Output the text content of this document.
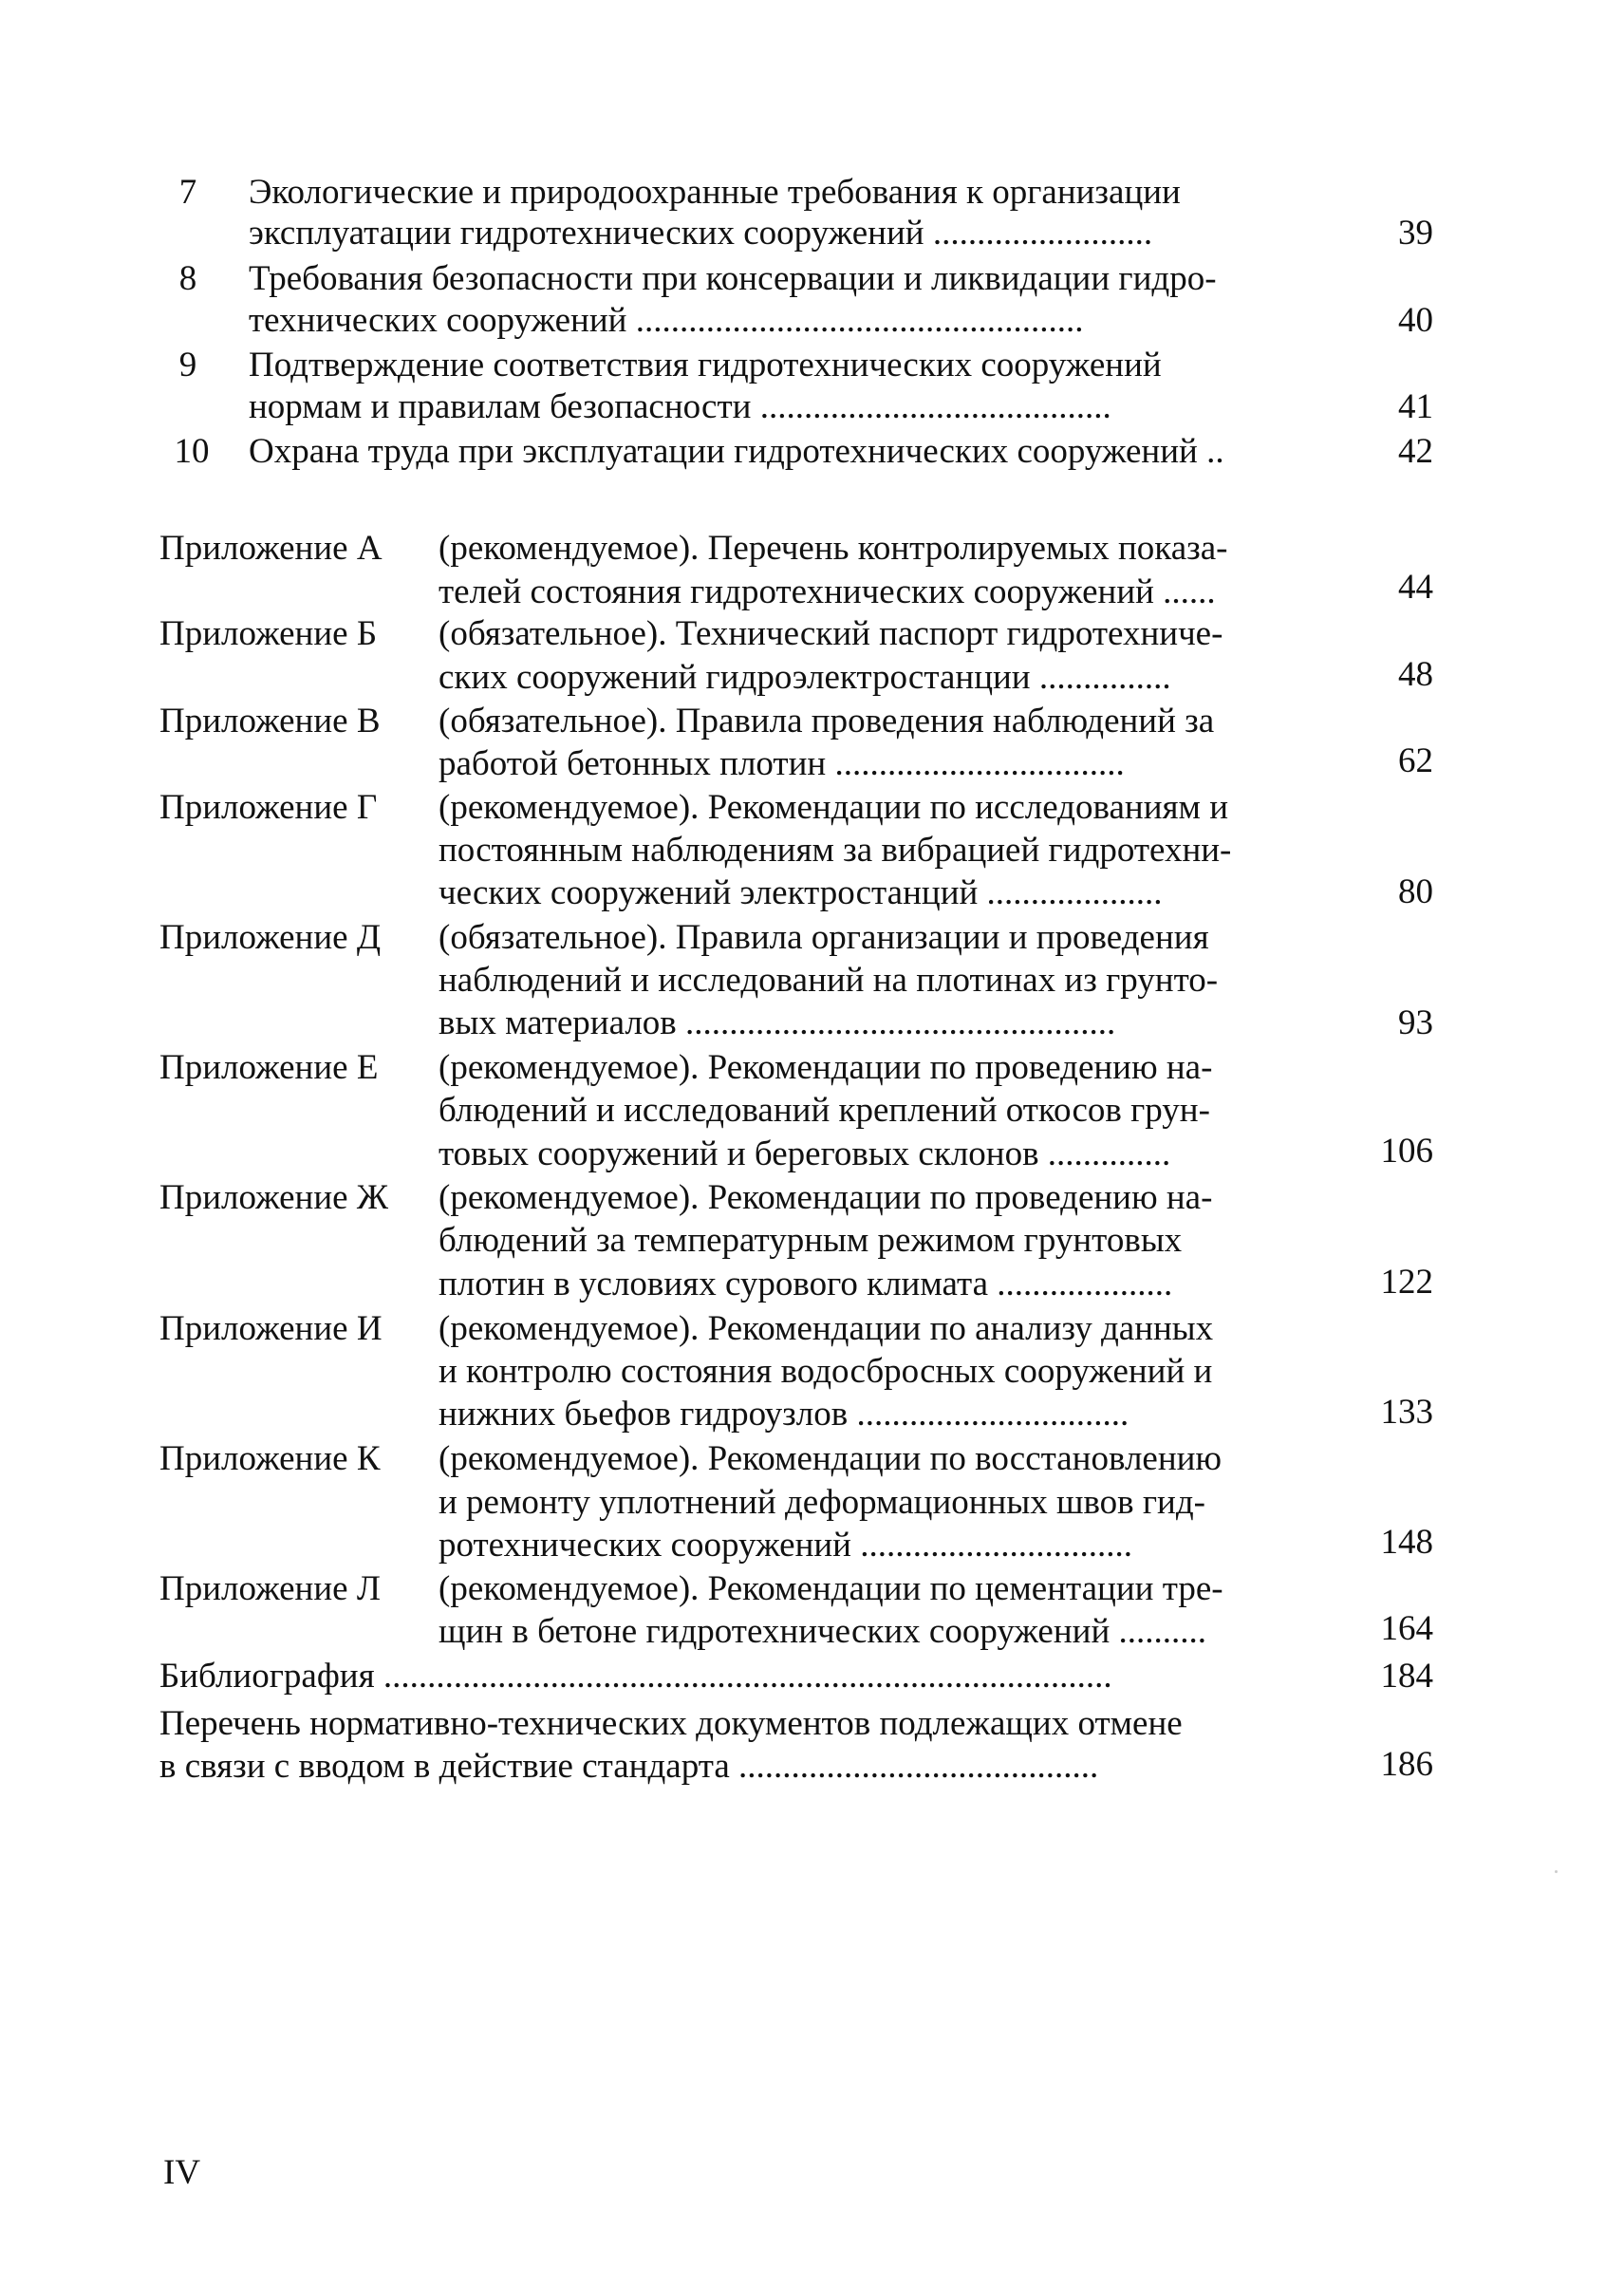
7	Экологические и природоохранные требования к организации
эксплуатации гидротехнических сооружений .........................	39
8	Требования безопасности при консервации и ликвидации гидро-
технических сооружений ...................................................	40
9	Подтверждение соответствия гидротехнических сооружений
нормам и правилам безопасности ........................................	41
10	Охрана труда при эксплуатации гидротехнических сооружений ..	42
Приложение А (рекомендуемое). Перечень контролируемых показа-
телей состояния гидротехнических сооружений ......	44
Приложение Б (обязательное). Технический паспорт гидротехниче-
ских сооружений гидроэлектростанции ...............	48
Приложение В (обязательное). Правила проведения наблюдений за
работой бетонных плотин .................................	62
Приложение Г (рекомендуемое). Рекомендации по исследованиям и
постоянным наблюдениям за вибрацией гидротехни-
ческих сооружений электростанций ....................	80
Приложение Д (обязательное). Правила организации и проведения
наблюдений и исследований на плотинах из грунто-
вых материалов .................................................	93
Приложение Е (рекомендуемое). Рекомендации по проведению на-
блюдений и исследований креплений откосов грун-
товых сооружений и береговых склонов ..............	106
Приложение Ж (рекомендуемое). Рекомендации по проведению на-
блюдений за температурным режимом грунтовых
плотин в условиях сурового климата ....................	122
Приложение И (рекомендуемое). Рекомендации по анализу данных
и контролю состояния водосбросных сооружений и
нижних бьефов гидроузлов ...............................	133
Приложение К (рекомендуемое). Рекомендации по восстановлению
и ремонту уплотнений деформационных швов гид-
ротехнических сооружений ...............................	148
Приложение Л (рекомендуемое). Рекомендации по цементации тре-
щин в бетоне гидротехнических сооружений ..........	164
Библиография ...................................................................................	184
Перечень нормативно-технических документов подлежащих отмене
в связи с вводом в действие стандарта .........................................	186
IV
